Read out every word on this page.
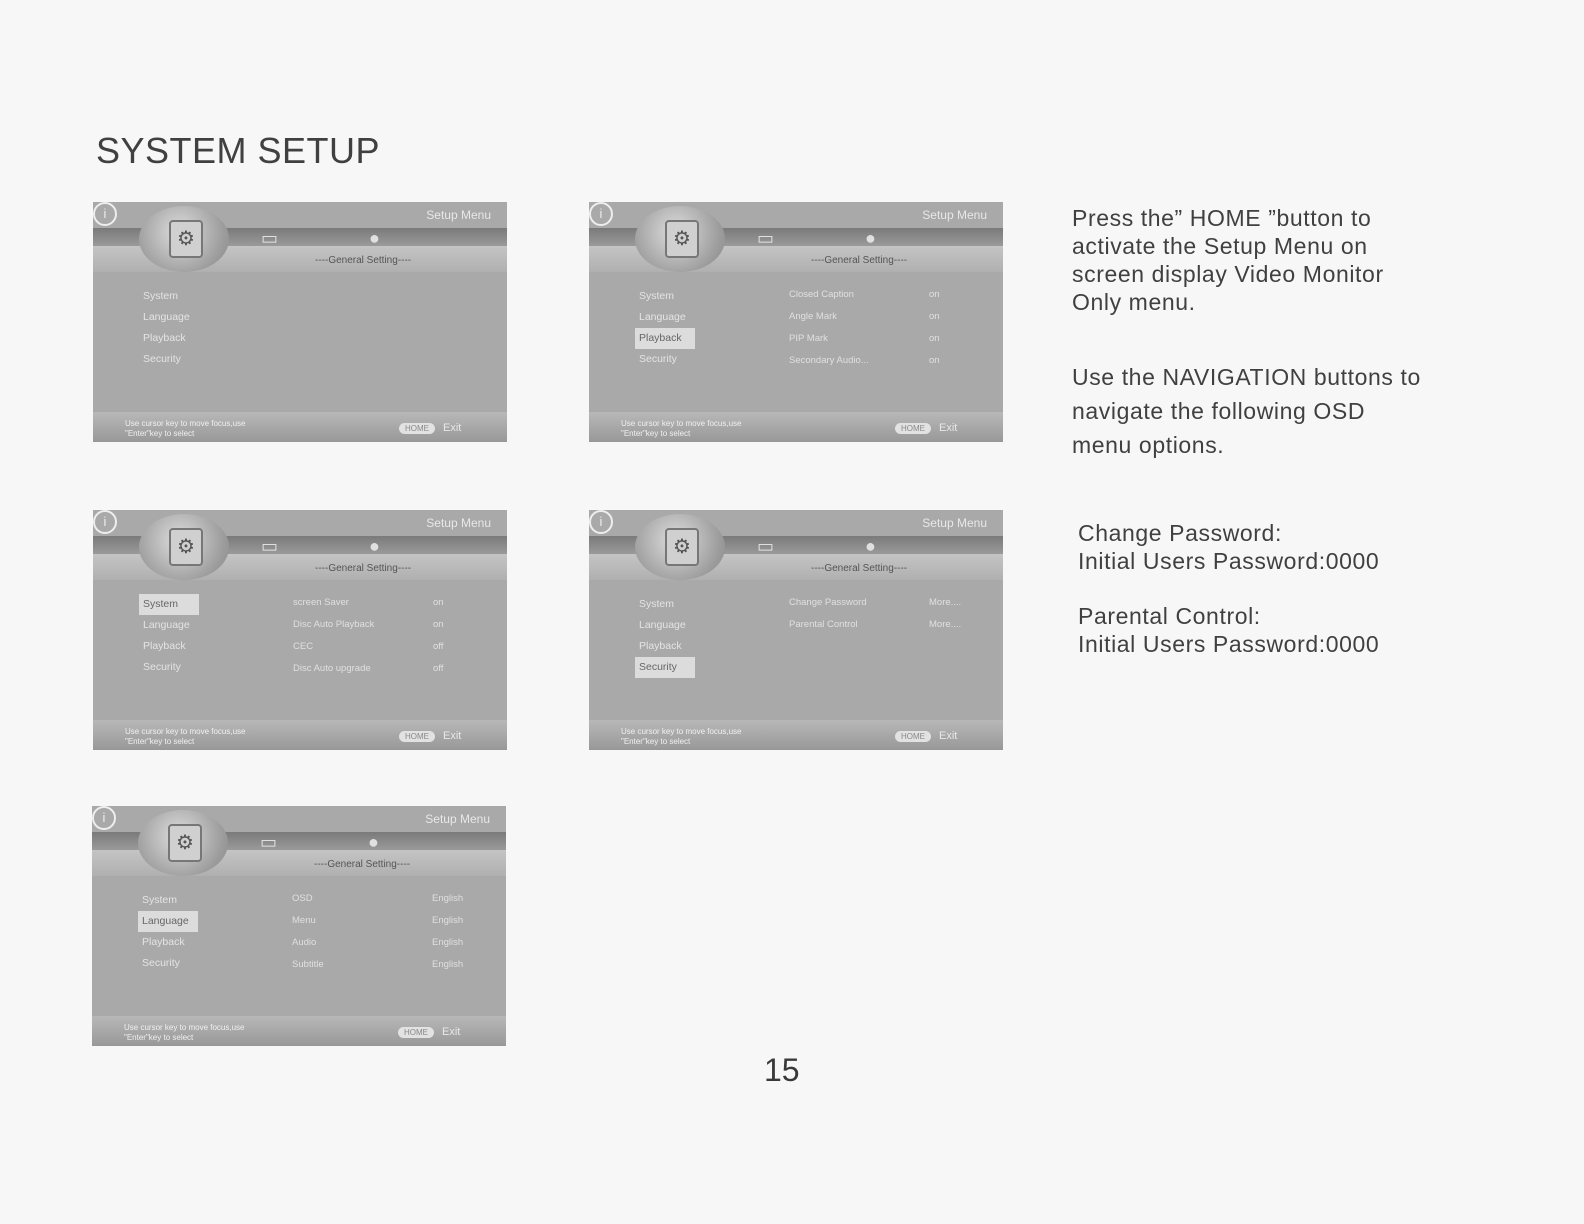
SYSTEM SETUP
Setup Menu
⚙	▭	●
i
----General Setting----
System
Language
Playback
Security
Use cursor key to move focus,use
"Enter"key to select
HOME	Exit
Setup Menu
⚙	▭	●
i
----General Setting----
System
Language
Playback
Security
Closed Caption	on
Angle Mark	on
PIP Mark	on
Secondary Audio...	on
Use cursor key to move focus,use
"Enter"key to select
HOME	Exit
Setup Menu
⚙	▭	●
i
----General Setting----
System
Language
Playback
Security
screen Saver	on
Disc Auto Playback	on
CEC	off
Disc Auto upgrade	off
Use cursor key to move focus,use
"Enter"key to select
HOME	Exit
Setup Menu
⚙	▭	●
i
----General Setting----
System
Language
Playback
Security
Change Password	More....
Parental Control	More....
Use cursor key to move focus,use
"Enter"key to select
HOME	Exit
Setup Menu
⚙	▭	●
i
----General Setting----
System
Language
Playback
Security
OSD	English
Menu	English
Audio	English
Subtitle	English
Use cursor key to move focus,use
"Enter"key to select
HOME	Exit
Press the” HOME ”button to
activate the Setup Menu on
screen display Video Monitor
Only menu.
Use the NAVIGATION buttons to
navigate the following OSD
menu options.
Change Password:
Initial Users Password:0000
Parental Control:
Initial Users Password:0000
15
